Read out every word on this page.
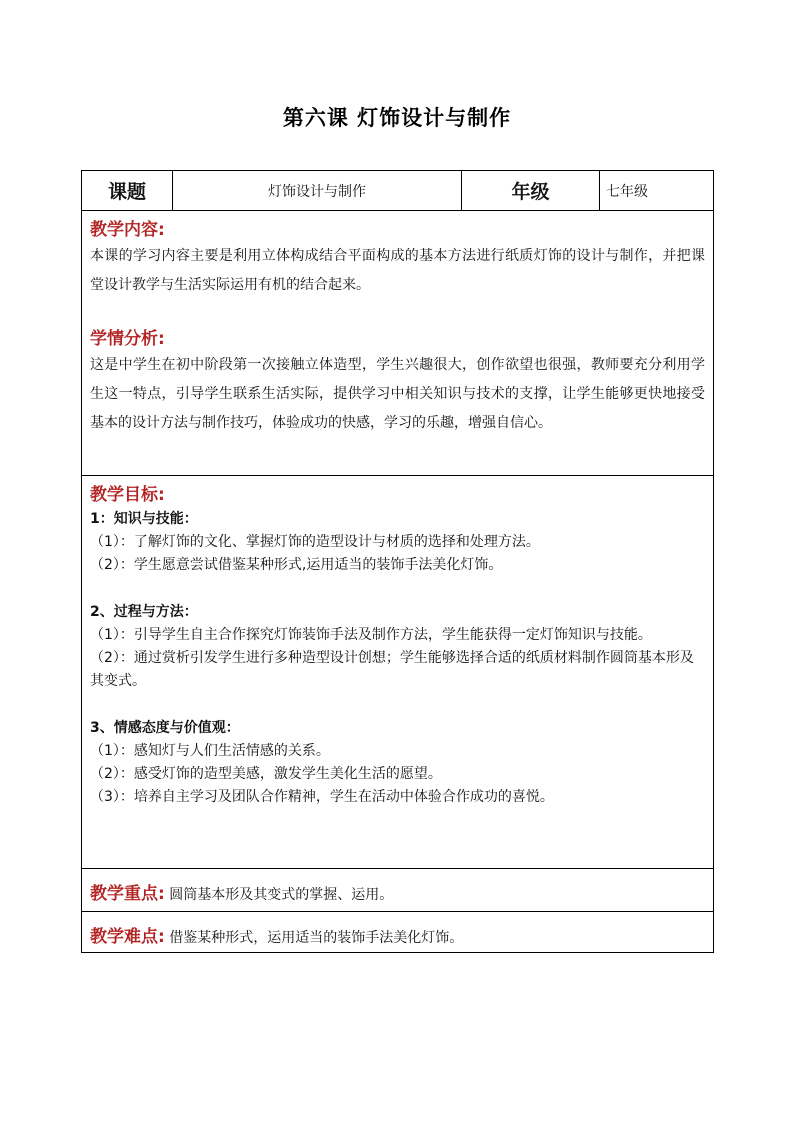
第六课 灯饰设计与制作
课题	灯饰设计与制作	年级	七年级

教学内容:
本课的学习内容主要是利用立体构成结合平面构成的基本方法进行纸质灯饰的设计与制作，并把课堂设计教学与生活实际运用有机的结合起来。
学情分析:
这是中学生在初中阶段第一次接触立体造型，学生兴趣很大，创作欲望也很强，教师要充分利用学生这一特点，引导学生联系生活实际，提供学习中相关知识与技术的支撑，让学生能够更快地接受基本的设计方法与制作技巧，体验成功的快感，学习的乐趣，增强自信心。

教学目标:
1：知识与技能：
（1）：了解灯饰的文化、掌握灯饰的造型设计与材质的选择和处理方法。
（2）：学生愿意尝试借鉴某种形式,运用适当的装饰手法美化灯饰。
2、过程与方法：
（1）：引导学生自主合作探究灯饰装饰手法及制作方法，学生能获得一定灯饰知识与技能。
（2）：通过赏析引发学生进行多种造型设计创想；学生能够选择合适的纸质材料制作圆筒基本形及其变式。
3、情感态度与价值观：
（1）：感知灯与人们生活情感的关系。
（2）：感受灯饰的造型美感，激发学生美化生活的愿望。
（3）：培养自主学习及团队合作精神，学生在活动中体验合作成功的喜悦。

教学重点: 圆筒基本形及其变式的掌握、运用。

教学难点: 借鉴某种形式，运用适当的装饰手法美化灯饰。
